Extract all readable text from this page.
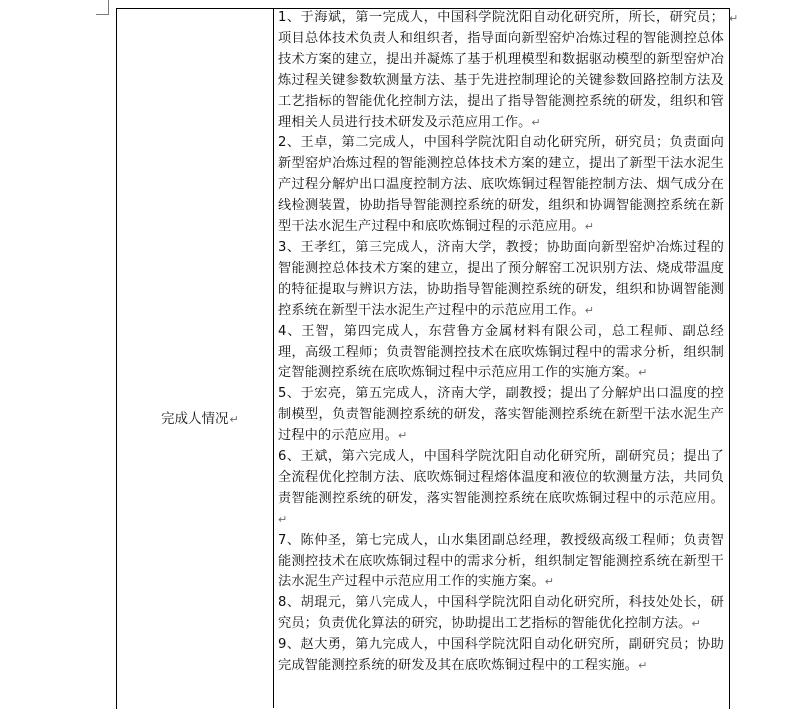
完成人情况↵

1、于海斌，第一完成人，中国科学院沈阳自动化研究所，所长，研究员；项目总体技术负责人和组织者，指导面向新型窑炉冶炼过程的智能测控总体技术方案的建立，提出并凝炼了基于机理模型和数据驱动模型的新型窑炉冶炼过程关键参数软测量方法、基于先进控制理论的关键参数回路控制方法及工艺指标的智能优化控制方法，提出了指导智能测控系统的研发，组织和管理相关人员进行技术研发及示范应用工作。↵

2、王卓，第二完成人，中国科学院沈阳自动化研究所，研究员；负责面向新型窑炉冶炼过程的智能测控总体技术方案的建立，提出了新型干法水泥生产过程分解炉出口温度控制方法、底吹炼铜过程智能控制方法、烟气成分在线检测装置，协助指导智能测控系统的研发，组织和协调智能测控系统在新型干法水泥生产过程中和底吹炼铜过程的示范应用。↵

3、王孝红，第三完成人，济南大学，教授；协助面向新型窑炉冶炼过程的智能测控总体技术方案的建立，提出了预分解窑工况识别方法、烧成带温度的特征提取与辨识方法，协助指导智能测控系统的研发，组织和协调智能测控系统在新型干法水泥生产过程中的示范应用工作。↵

4、王智，第四完成人，东营鲁方金属材料有限公司，总工程师、副总经理，高级工程师；负责智能测控技术在底吹炼铜过程中的需求分析，组织制定智能测控系统在底吹炼铜过程中示范应用工作的实施方案。↵

5、于宏亮，第五完成人，济南大学，副教授；提出了分解炉出口温度的控制模型，负责智能测控系统的研发，落实智能测控系统在新型干法水泥生产过程中的示范应用。↵

6、王斌，第六完成人，中国科学院沈阳自动化研究所，副研究员；提出了全流程优化控制方法、底吹炼铜过程熔体温度和液位的软测量方法，共同负责智能测控系统的研发，落实智能测控系统在底吹炼铜过程中的示范应用。↵

7、陈仲圣，第七完成人，山水集团副总经理，教授级高级工程师；负责智能测控技术在底吹炼铜过程中的需求分析，组织制定智能测控系统在新型干法水泥生产过程中示范应用工作的实施方案。↵

8、胡琨元，第八完成人，中国科学院沈阳自动化研究所，科技处处长，研究员；负责优化算法的研究，协助提出工艺指标的智能优化控制方法。↵

9、赵大勇，第九完成人，中国科学院沈阳自动化研究所，副研究员；协助完成智能测控系统的研发及其在底吹炼铜过程中的工程实施。↵

↵
